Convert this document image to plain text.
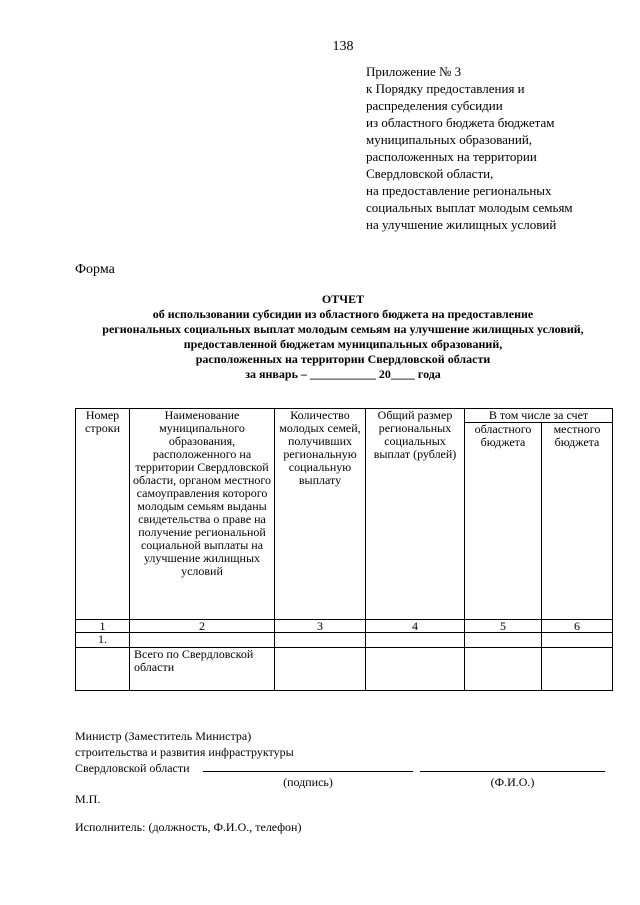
138
Приложение № 3
к Порядку предоставления и
распределения субсидии
из областного бюджета бюджетам
муниципальных образований,
расположенных на территории
Свердловской области,
на предоставление региональных
социальных выплат молодым семьям
на улучшение жилищных условий
Форма
ОТЧЕТ
об использовании субсидии из областного бюджета на предоставление
региональных социальных выплат молодым семьям на улучшение жилищных условий,
предоставленной бюджетам муниципальных образований,
расположенных на территории Свердловской области
за январь – ___________ 20____ года
Номер строки	Наименование муниципального образования, расположенного на территории Свердловской области, органом местного самоуправления которого молодым семьям выданы свидетельства о праве на получение региональной социальной выплаты на улучшение жилищных условий	Количество молодых семей, получивших региональную социальную выплату	Общий размер региональных социальных выплат (рублей)	В том числе за счет	
				областного бюджета	местного бюджета
1	2	3	4	5	6
1.					
	Всего по Свердловской области				
Министр (Заместитель Министра)
строительства и развития инфраструктуры
Свердловской области
(подпись)	(Ф.И.О.)
М.П.
Исполнитель: (должность, Ф.И.О., телефон)
